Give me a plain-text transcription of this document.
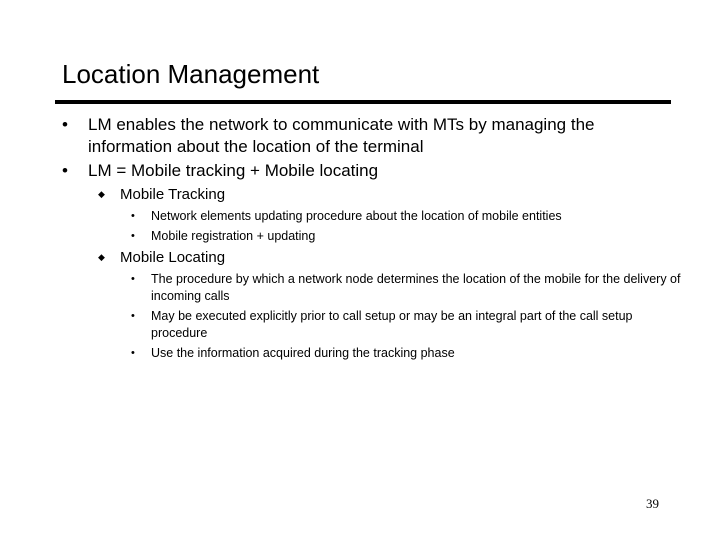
Location Management
•	LM enables the network to communicate with MTs by managing the information about the location of the terminal
•	LM = Mobile tracking + Mobile locating
◆	Mobile Tracking
•	Network elements updating procedure about the location of mobile entities
•	Mobile registration + updating
◆	Mobile Locating
•	The procedure by which a network node determines the location of the mobile for the delivery of incoming calls
•	May be executed explicitly prior to call setup or may be an integral part of the call setup procedure
•	Use the information acquired during the tracking phase
39
